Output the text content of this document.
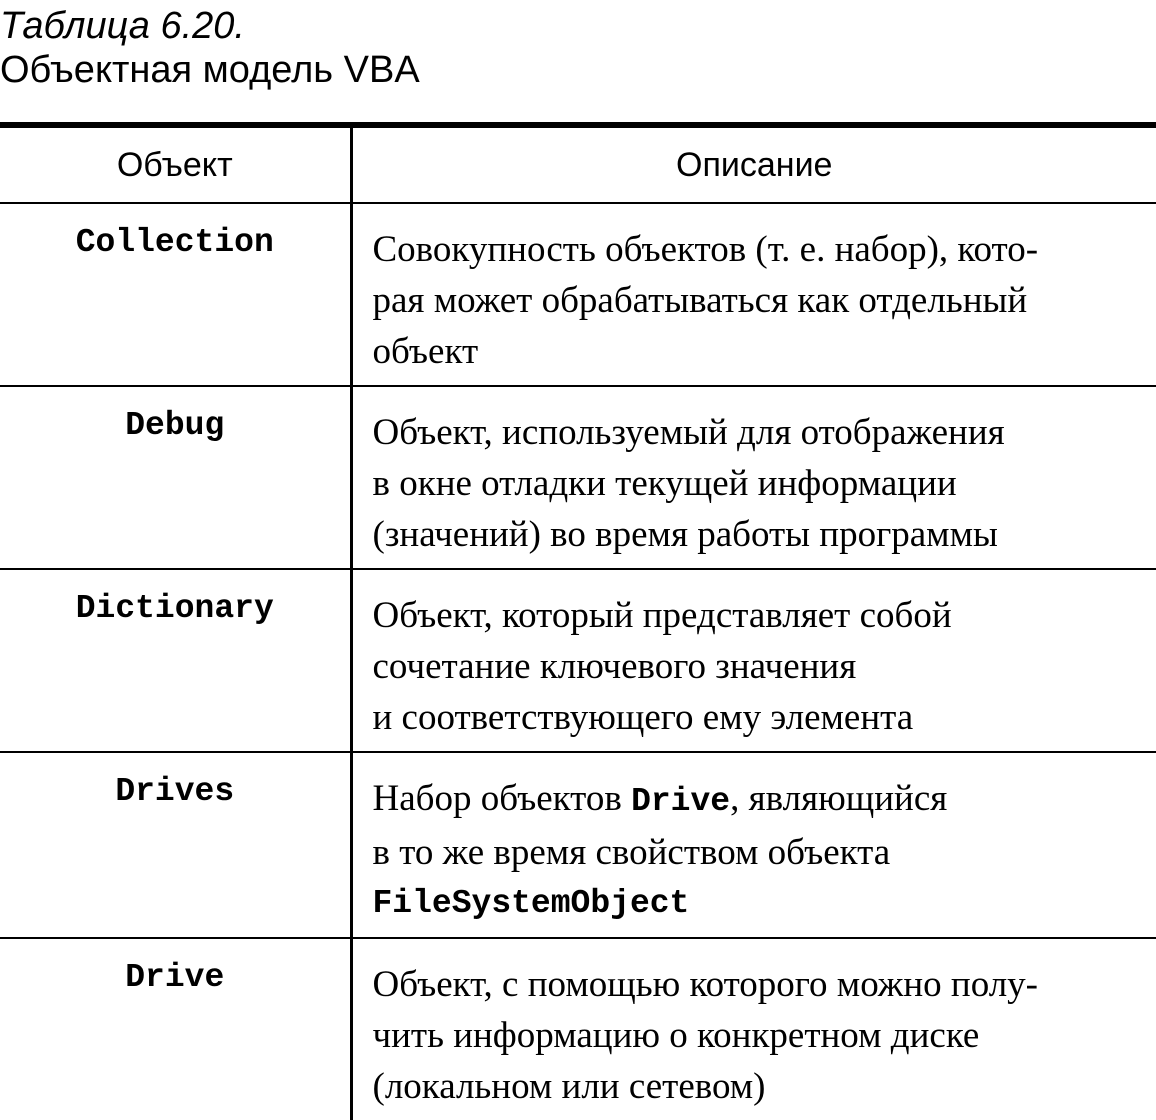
Таблица 6.20.
Объектная модель VBA
Объект	Описание
Collection	Совокупность объектов (т. е. набор), кото-
рая может обрабатываться как отдельный
объект

Debug	Объект, используемый для отображения
в окне отладки текущей информации
(значений) во время работы программы

Dictionary	Объект, который представляет собой
сочетание ключевого значения
и соответствующего ему элемента

Drives	Набор объектов Drive, являющийся
в то же время свойством объекта
FileSystemObject

Drive	Объект, с помощью которого можно полу-
чить информацию о конкретном диске
(локальном или сетевом)
